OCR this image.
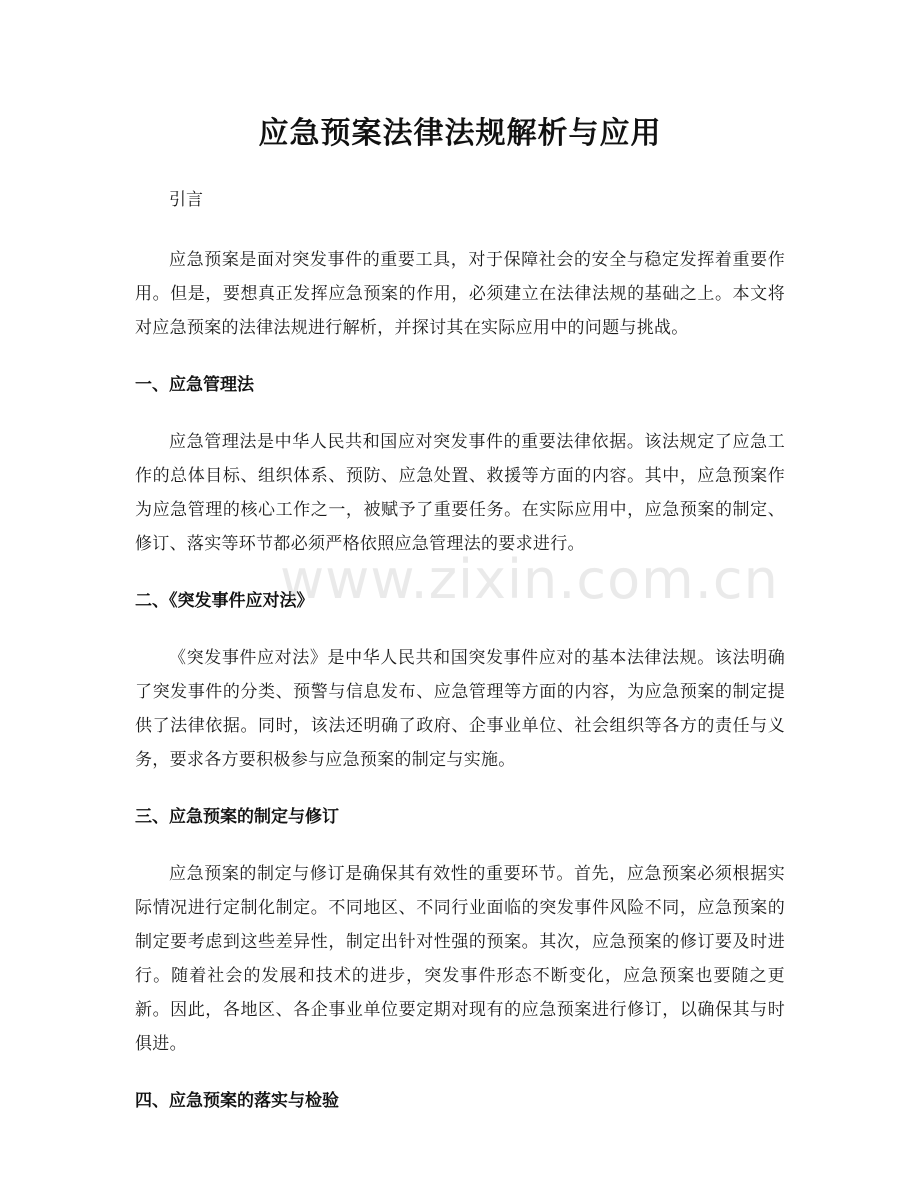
应急预案法律法规解析与应用

引言

应急预案是面对突发事件的重要工具，对于保障社会的安全与稳定发挥着重要作用。但是，要想真正发挥应急预案的作用，必须建立在法律法规的基础之上。本文将对应急预案的法律法规进行解析，并探讨其在实际应用中的问题与挑战。

一、应急管理法

应急管理法是中华人民共和国应对突发事件的重要法律依据。该法规定了应急工作的总体目标、组织体系、预防、应急处置、救援等方面的内容。其中，应急预案作为应急管理的核心工作之一，被赋予了重要任务。在实际应用中，应急预案的制定、修订、落实等环节都必须严格依照应急管理法的要求进行。

二、《突发事件应对法》

《突发事件应对法》是中华人民共和国突发事件应对的基本法律法规。该法明确了突发事件的分类、预警与信息发布、应急管理等方面的内容，为应急预案的制定提供了法律依据。同时，该法还明确了政府、企事业单位、社会组织等各方的责任与义务，要求各方要积极参与应急预案的制定与实施。

三、应急预案的制定与修订

应急预案的制定与修订是确保其有效性的重要环节。首先，应急预案必须根据实际情况进行定制化制定。不同地区、不同行业面临的突发事件风险不同，应急预案的制定要考虑到这些差异性，制定出针对性强的预案。其次，应急预案的修订要及时进行。随着社会的发展和技术的进步，突发事件形态不断变化，应急预案也要随之更新。因此，各地区、各企事业单位要定期对现有的应急预案进行修订，以确保其与时俱进。

四、应急预案的落实与检验
www.zixin.com.cn
